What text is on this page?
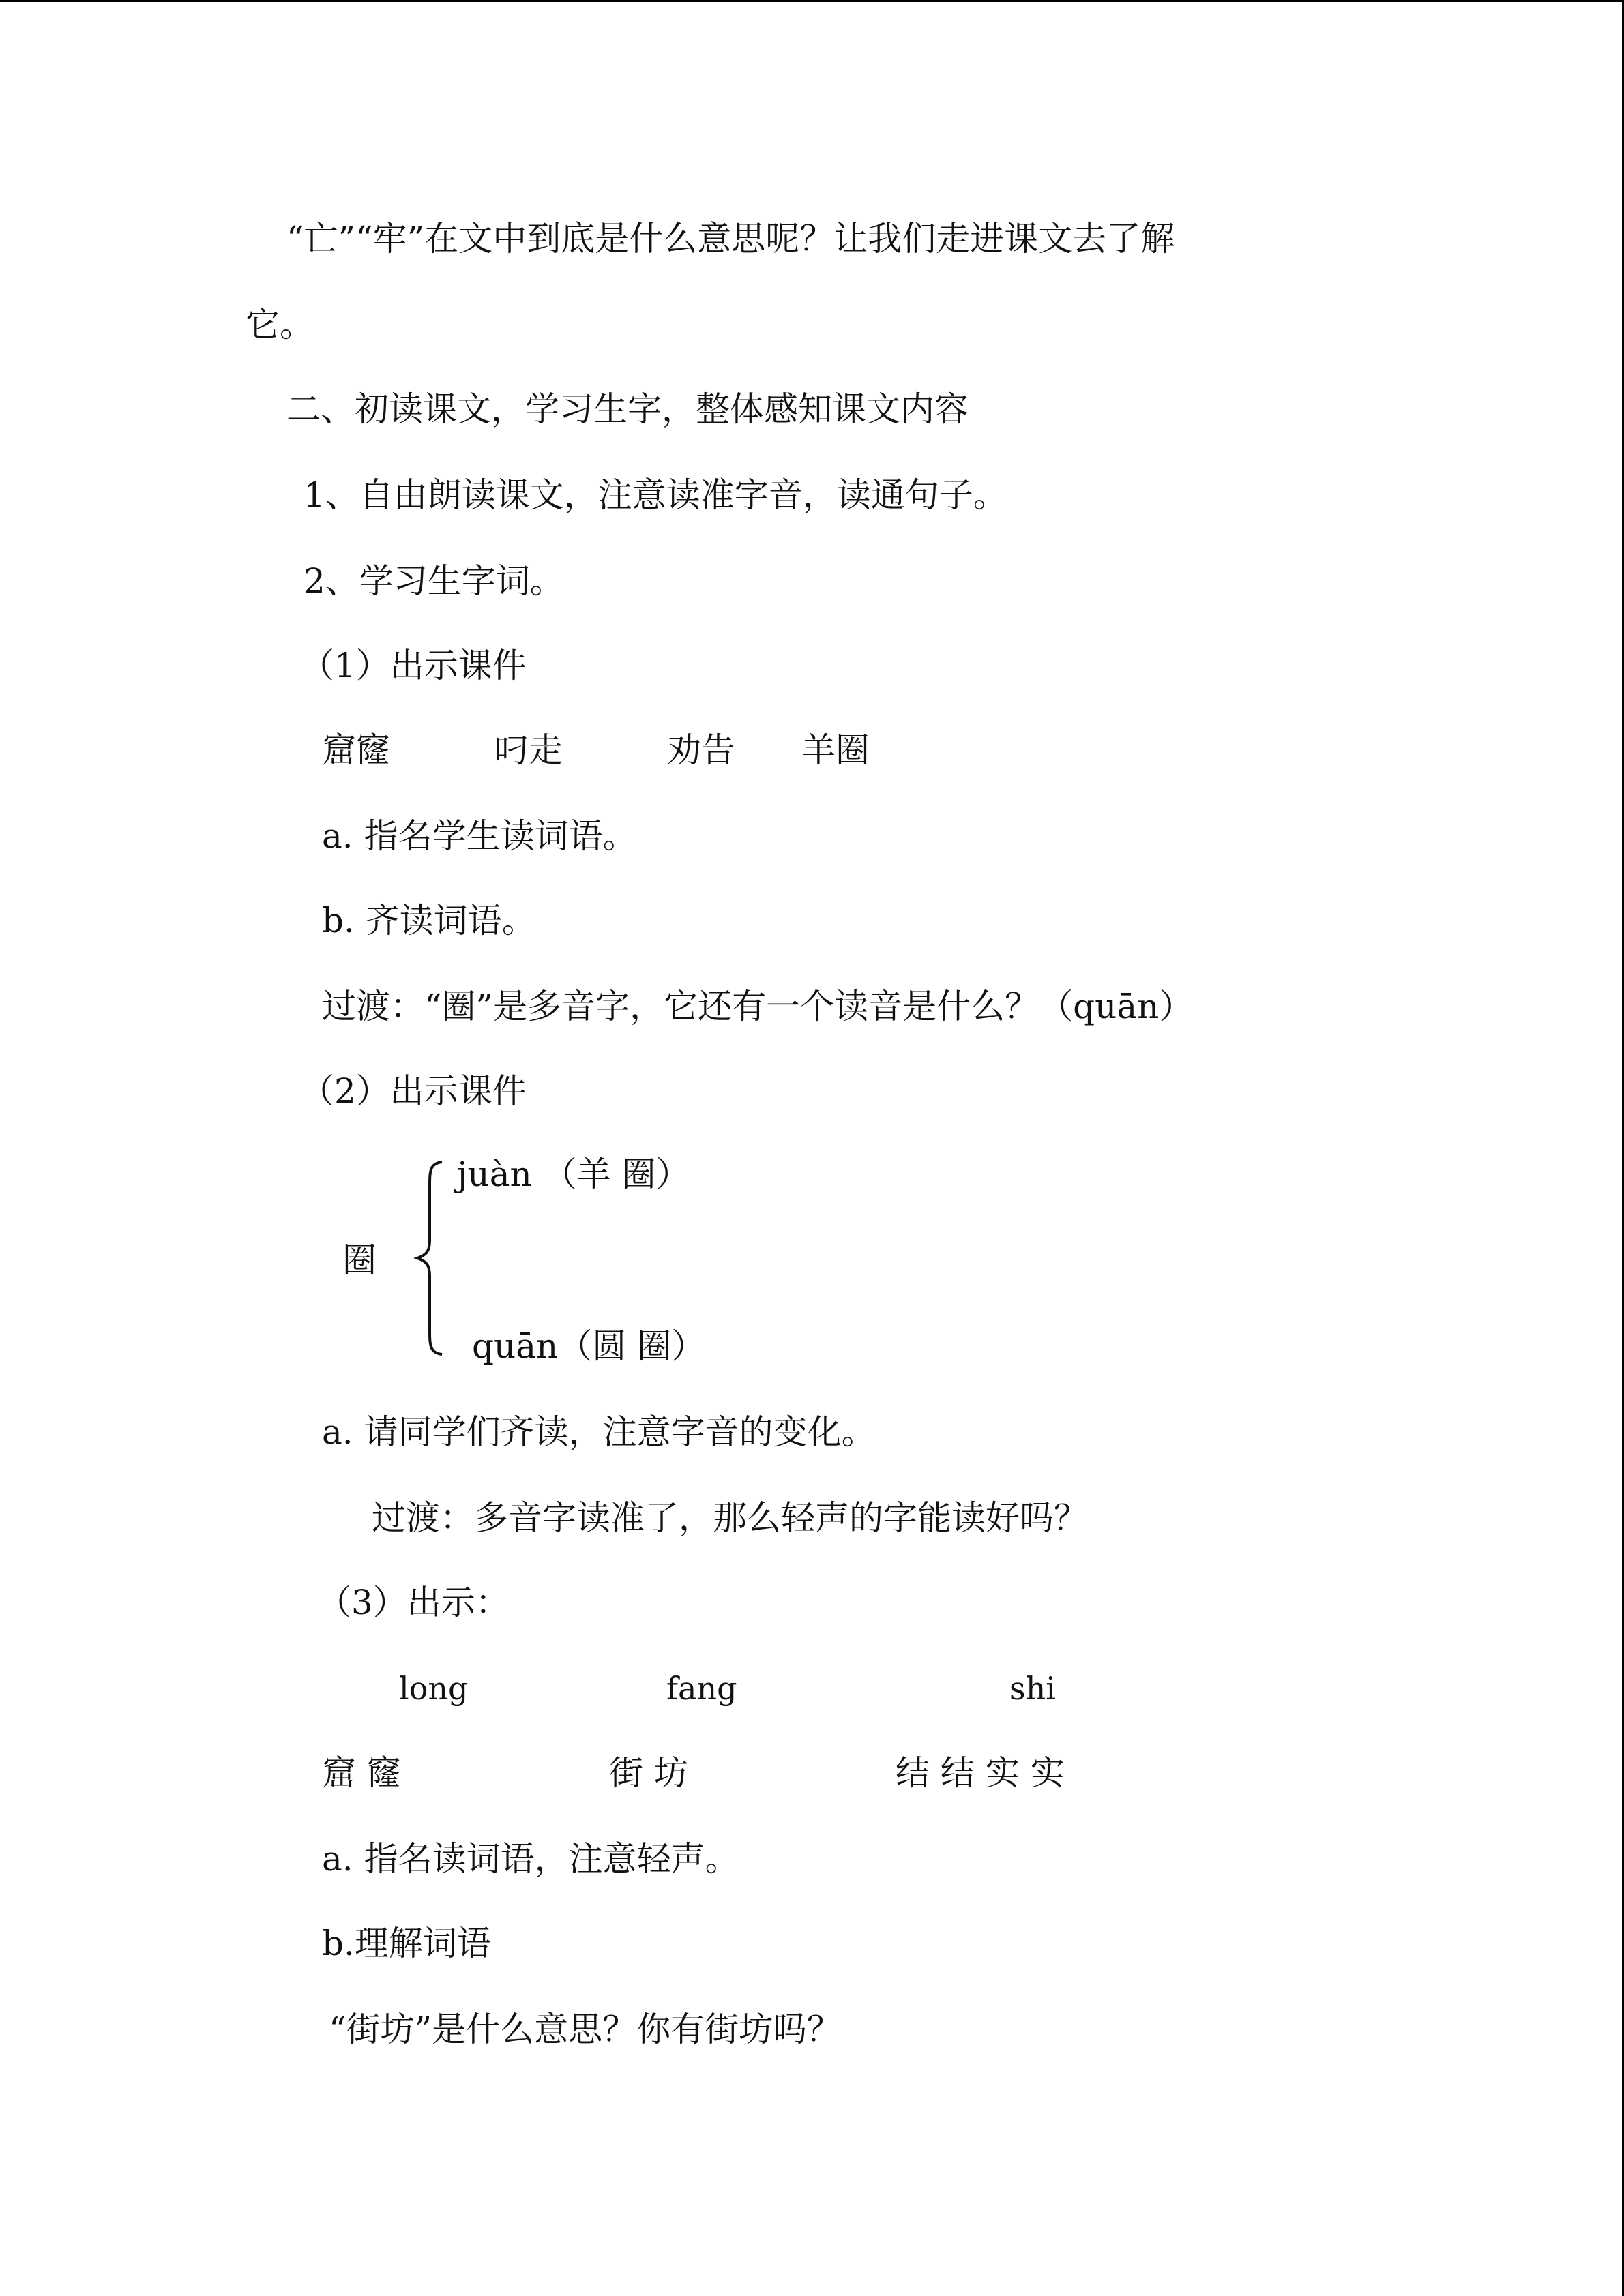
“亡”“牢”在文中到底是什么意思呢？让我们走进课文去了解
它。
二、初读课文，学习生字，整体感知课文内容
1、自由朗读课文，注意读准字音，读通句子。
2、学习生字词。
（1）出示课件
窟窿	叼走	劝告 羊圈
a. 指名学生读词语。
b. 齐读词语。
过渡：“圈”是多音字，它还有一个读音是什么？（quān）
（2）出示课件
圈
juàn （羊 圈）
quān（圆 圈）
a. 请同学们齐读，注意字音的变化。
过渡：多音字读准了，那么轻声的字能读好吗？
（3）出示：
long	fang	shi
窟 窿	街 坊	结 结 实 实
a. 指名读词语，注意轻声。
b.理解词语
“街坊”是什么意思？你有街坊吗？
